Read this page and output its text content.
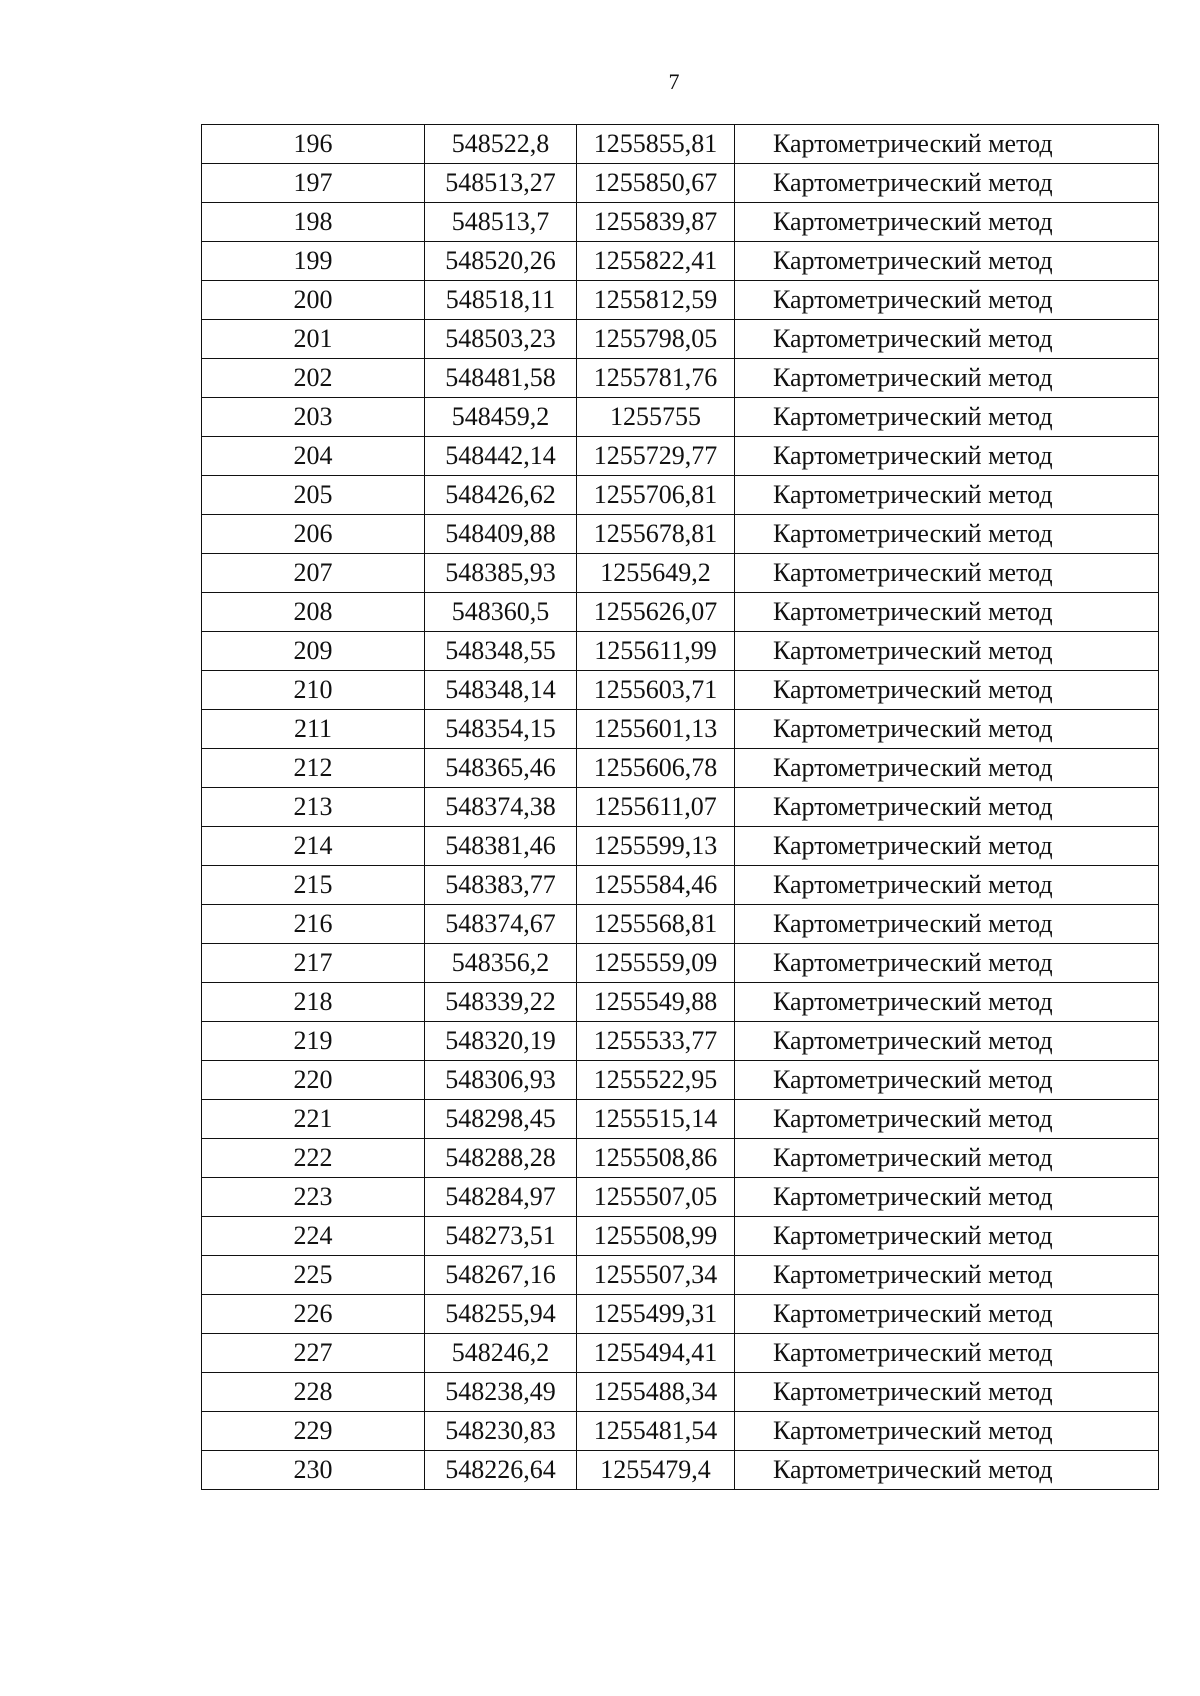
7
196	548522,8	1255855,81	Картометрический метод
197	548513,27	1255850,67	Картометрический метод
198	548513,7	1255839,87	Картометрический метод
199	548520,26	1255822,41	Картометрический метод
200	548518,11	1255812,59	Картометрический метод
201	548503,23	1255798,05	Картометрический метод
202	548481,58	1255781,76	Картометрический метод
203	548459,2	1255755	Картометрический метод
204	548442,14	1255729,77	Картометрический метод
205	548426,62	1255706,81	Картометрический метод
206	548409,88	1255678,81	Картометрический метод
207	548385,93	1255649,2	Картометрический метод
208	548360,5	1255626,07	Картометрический метод
209	548348,55	1255611,99	Картометрический метод
210	548348,14	1255603,71	Картометрический метод
211	548354,15	1255601,13	Картометрический метод
212	548365,46	1255606,78	Картометрический метод
213	548374,38	1255611,07	Картометрический метод
214	548381,46	1255599,13	Картометрический метод
215	548383,77	1255584,46	Картометрический метод
216	548374,67	1255568,81	Картометрический метод
217	548356,2	1255559,09	Картометрический метод
218	548339,22	1255549,88	Картометрический метод
219	548320,19	1255533,77	Картометрический метод
220	548306,93	1255522,95	Картометрический метод
221	548298,45	1255515,14	Картометрический метод
222	548288,28	1255508,86	Картометрический метод
223	548284,97	1255507,05	Картометрический метод
224	548273,51	1255508,99	Картометрический метод
225	548267,16	1255507,34	Картометрический метод
226	548255,94	1255499,31	Картометрический метод
227	548246,2	1255494,41	Картометрический метод
228	548238,49	1255488,34	Картометрический метод
229	548230,83	1255481,54	Картометрический метод
230	548226,64	1255479,4	Картометрический метод
